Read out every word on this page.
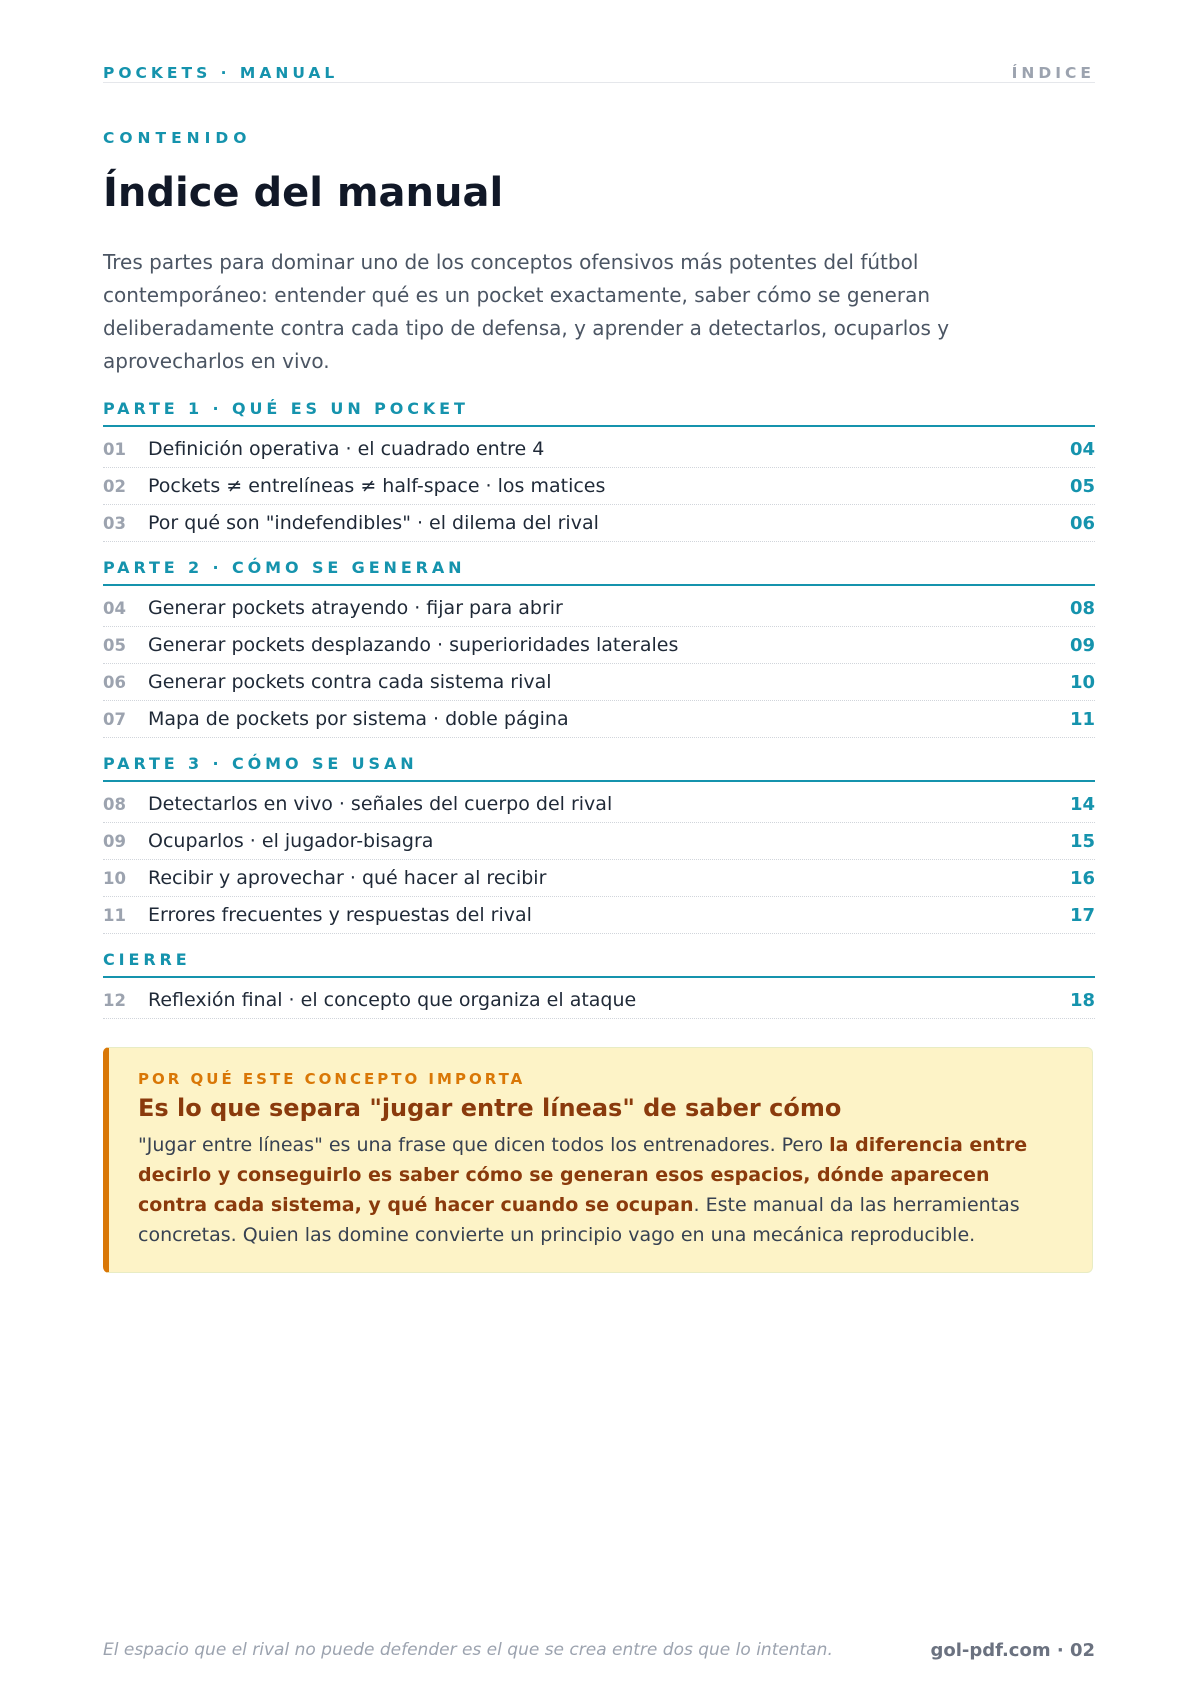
POCKETS · MANUAL	ÍNDICE
CONTENIDO
Índice del manual

Tres partes para dominar uno de los conceptos ofensivos más potentes del fútbol contemporáneo: entender qué es un pocket exactamente, saber cómo se generan deliberadamente contra cada tipo de defensa, y aprender a detectarlos, ocuparlos y aprovecharlos en vivo.

PARTE 1 · QUÉ ES UN POCKET
01 Definición operativa · el cuadrado entre 4	04
02 Pockets ≠ entrelíneas ≠ half-space · los matices	05
03 Por qué son "indefendibles" · el dilema del rival	06
PARTE 2 · CÓMO SE GENERAN
04 Generar pockets atrayendo · fijar para abrir	08
05 Generar pockets desplazando · superioridades laterales	09
06 Generar pockets contra cada sistema rival	10
07 Mapa de pockets por sistema · doble página	11
PARTE 3 · CÓMO SE USAN
08 Detectarlos en vivo · señales del cuerpo del rival	14
09 Ocuparlos · el jugador-bisagra	15
10 Recibir y aprovechar · qué hacer al recibir	16
11 Errores frecuentes y respuestas del rival	17
CIERRE
12 Reflexión final · el concepto que organiza el ataque	18
POR QUÉ ESTE CONCEPTO IMPORTA
Es lo que separa "jugar entre líneas" de saber cómo

"Jugar entre líneas" es una frase que dicen todos los entrenadores. Pero la diferencia entre decirlo y conseguirlo es saber cómo se generan esos espacios, dónde aparecen contra cada sistema, y qué hacer cuando se ocupan. Este manual da las herramientas concretas. Quien las domine convierte un principio vago en una mecánica reproducible.

El espacio que el rival no puede defender es el que se crea entre dos que lo intentan.	gol-pdf.com · 02
